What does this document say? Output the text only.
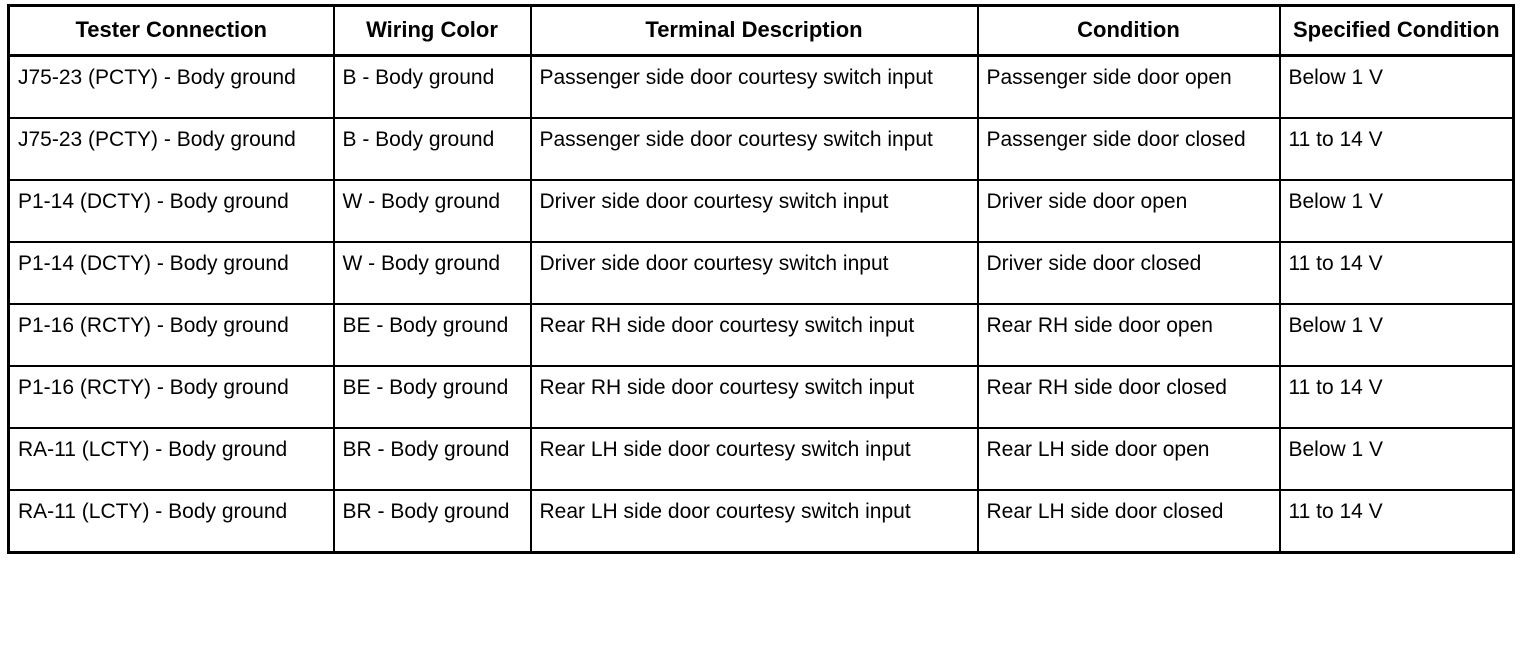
Tester Connection	Wiring Color	Terminal Description	Condition	Specified Condition

J75-23 (PCTY) - Body ground	B - Body ground	Passenger side door courtesy switch input	Passenger side door open	Below 1 V

J75-23 (PCTY) - Body ground	B - Body ground	Passenger side door courtesy switch input	Passenger side door closed	11 to 14 V

P1-14 (DCTY) - Body ground	W - Body ground	Driver side door courtesy switch input	Driver side door open	Below 1 V

P1-14 (DCTY) - Body ground	W - Body ground	Driver side door courtesy switch input	Driver side door closed	11 to 14 V

P1-16 (RCTY) - Body ground	BE - Body ground	Rear RH side door courtesy switch input	Rear RH side door open	Below 1 V

P1-16 (RCTY) - Body ground	BE - Body ground	Rear RH side door courtesy switch input	Rear RH side door closed	11 to 14 V

RA-11 (LCTY) - Body ground	BR - Body ground	Rear LH side door courtesy switch input	Rear LH side door open	Below 1 V

RA-11 (LCTY) - Body ground	BR - Body ground	Rear LH side door courtesy switch input	Rear LH side door closed	11 to 14 V
